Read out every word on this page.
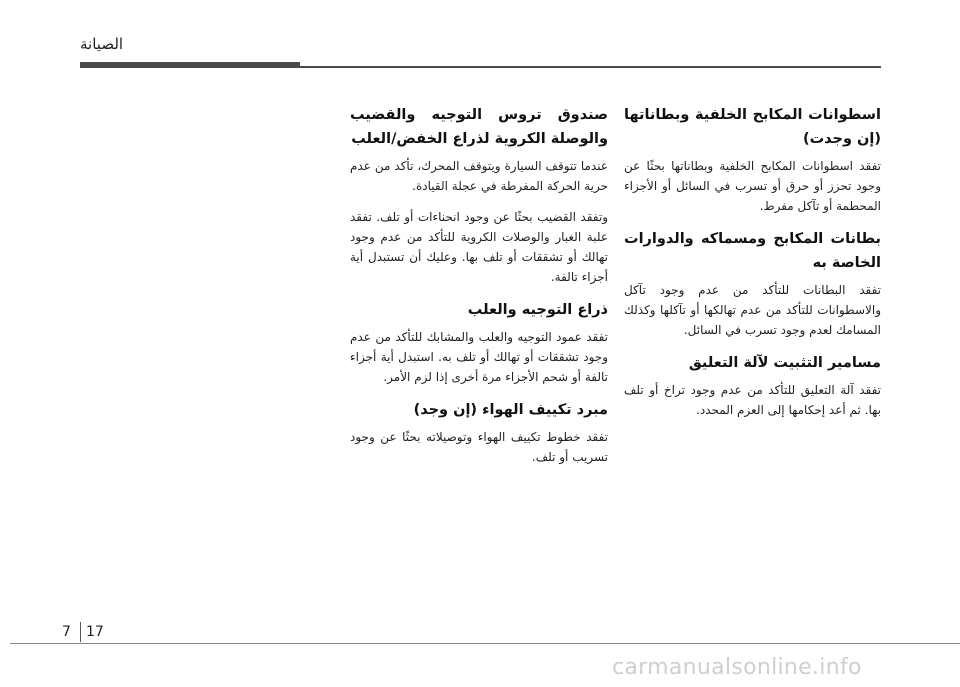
الصيانة
اسطوانات المكابح الخلفية وبطاناتها (إن وجدت)
تفقد اسطوانات المكابح الخلفية وبطاناتها بحثًا عن وجود تحزز أو حرق أو تسرب في السائل أو الأجزاء المحطمة أو تآكل مفرط.
بطانات المكابح ومسماكه والدوارات الخاصة به
تفقد البطانات للتأكد من عدم وجود تآكل والاسطوانات للتأكد من عدم تهالكها أو تآكلها وكذلك المسامك لعدم وجود تسرب في السائل.
مسامير التثبيت لآلة التعليق
تفقد آلة التعليق للتأكد من عدم وجود تراخ أو تلف بها. ثم أعد إحكامها إلى العزم المحدد.
صندوق تروس التوجيه والقضيب والوصلة الكروية لذراع الخفض/العلب
عندما تتوقف السيارة ويتوقف المحرك، تأكد من عدم حرية الحركة المفرطة في عجلة القيادة.
وتفقد القضيب بحثًا عن وجود انحناءات أو تلف. تفقد علبة الغبار والوصلات الكروية للتأكد من عدم وجود تهالك أو تشققات أو تلف بها. وعليك أن تستبدل أية أجزاء تالفة.
ذراع التوجيه والعلب
تفقد عمود التوجيه والعلب والمشابك للتأكد من عدم وجود تشققات أو تهالك أو تلف به. استبدل أية أجزاء تالفة أو شحم الأجزاء مرة أخرى إذا لزم الأمر.
مبرد تكييف الهواء (إن وجد)
تفقد خطوط تكييف الهواء وتوصيلاته بحثًا عن وجود تسريب أو تلف.
7 17
carmanualsonline.info
